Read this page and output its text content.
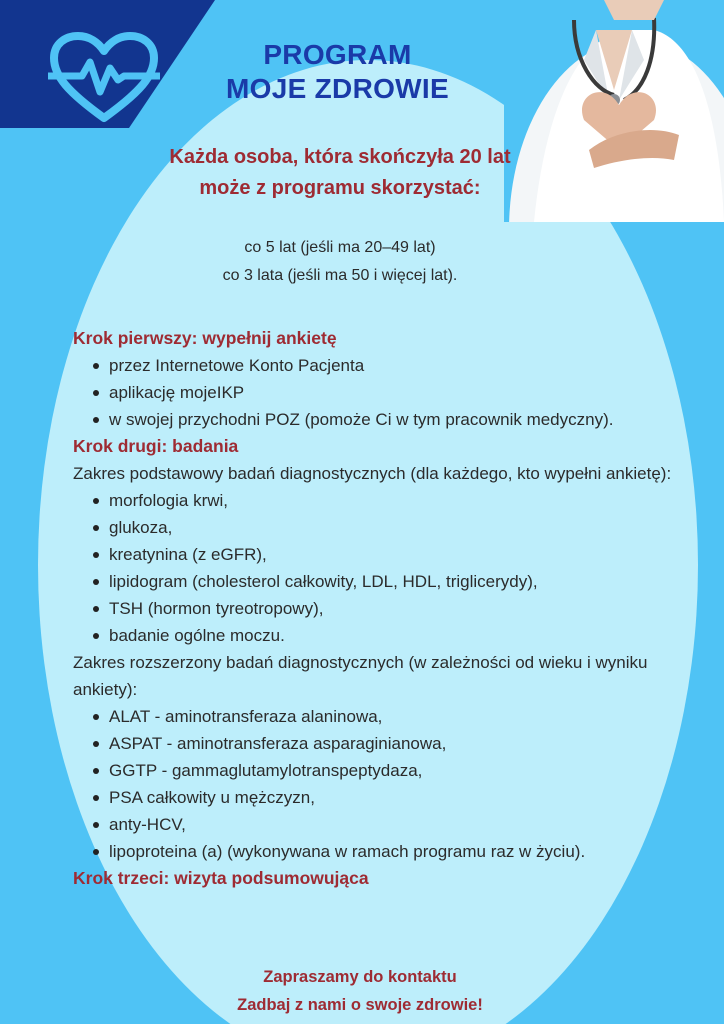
PROGRAM
MOJE ZDROWIE
Każda osoba, która skończyła 20 lat
może z programu skorzystać:
co 5 lat (jeśli ma 20–49 lat)
co 3 lata (jeśli ma 50 i więcej lat).
Krok pierwszy: wypełnij ankietę
przez Internetowe Konto Pacjenta
aplikację mojeIKP
w swojej przychodni POZ (pomoże Ci w tym pracownik medyczny).
Krok drugi: badania
Zakres podstawowy badań diagnostycznych (dla każdego, kto wypełni ankietę):
morfologia krwi,
glukoza,
kreatynina (z eGFR),
lipidogram (cholesterol całkowity, LDL, HDL, triglicerydy),
TSH (hormon tyreotropowy),
badanie ogólne moczu.
Zakres rozszerzony badań diagnostycznych (w zależności od wieku i wyniku ankiety):
ALAT - aminotransferaza alaninowa,
ASPAT - aminotransferaza asparaginianowa,
GGTP - gammaglutamylotranspeptydaza,
PSA całkowity u mężczyzn,
anty-HCV,
lipoproteina (a) (wykonywana w ramach programu raz w życiu).
Krok trzeci: wizyta podsumowująca
Zapraszamy do kontaktu
Zadbaj z nami o swoje zdrowie!
